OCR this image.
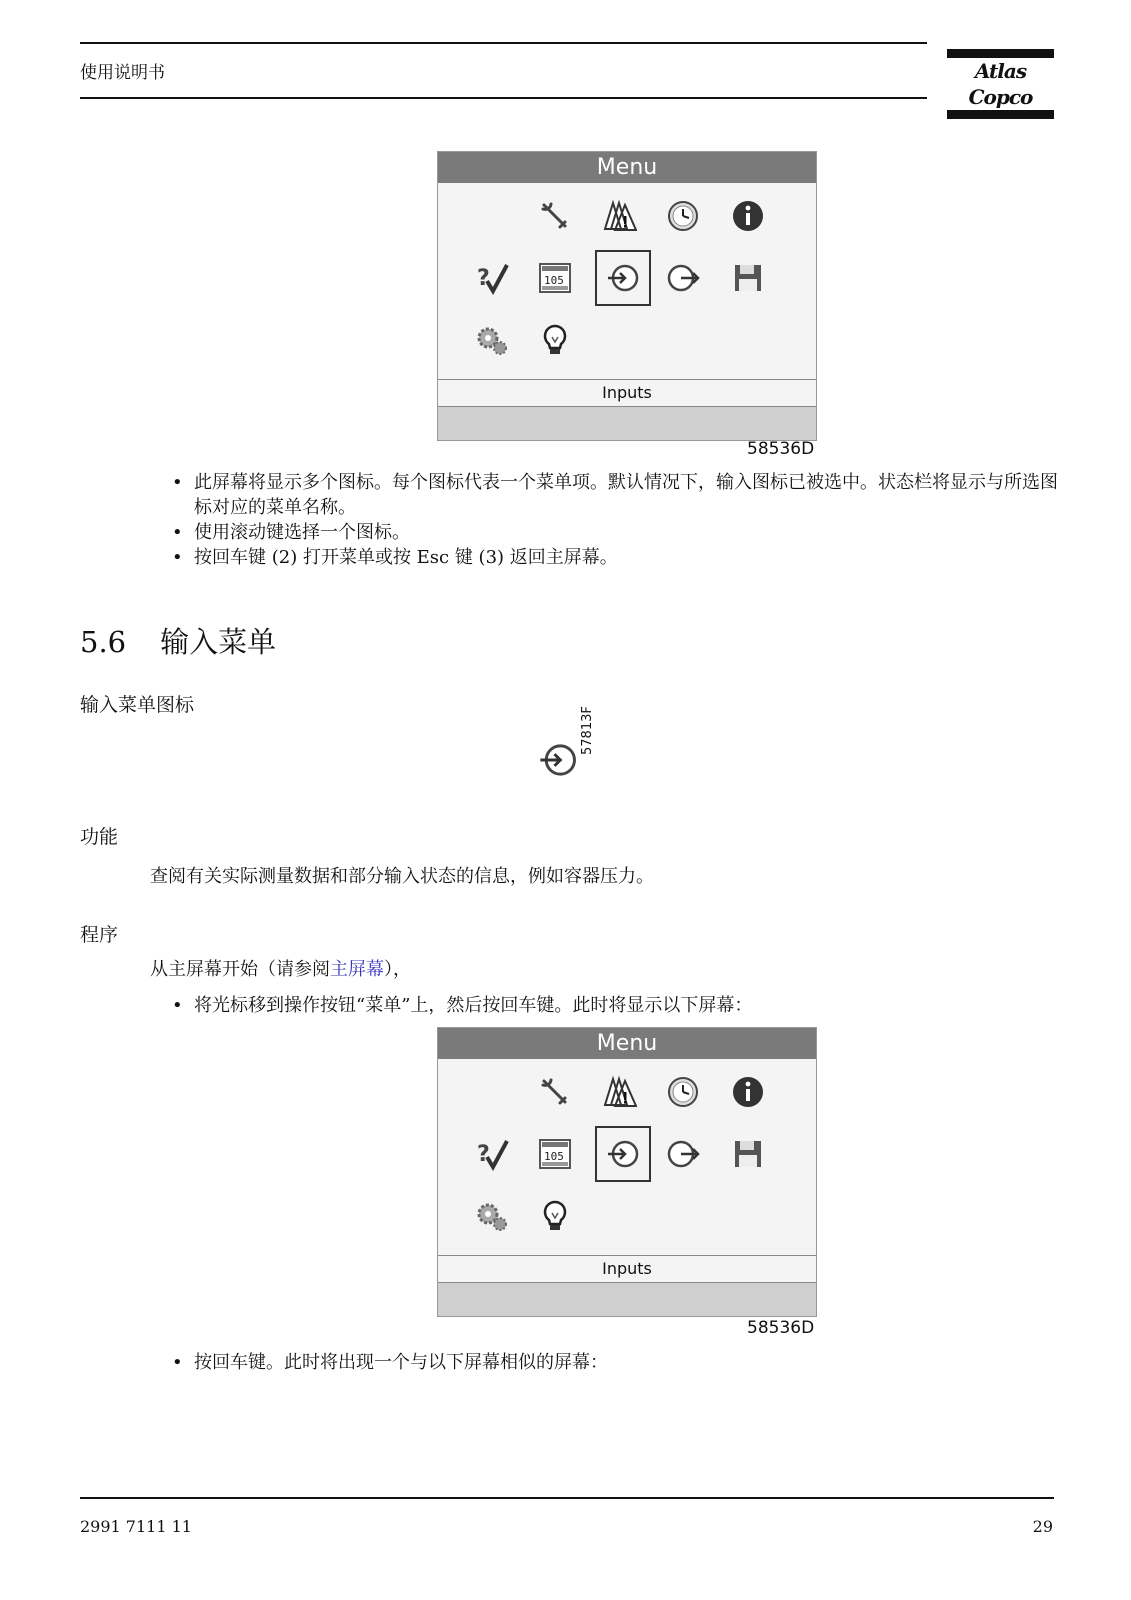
使用说明书	Atlas Copco
Menu
Inputs
58536D
• 此屏幕将显示多个图标。每个图标代表一个菜单项。默认情况下，输入图标已被选中。状态栏将显示与所选图标对应的菜单名称。
• 使用滚动键选择一个图标。
• 按回车键 (2) 打开菜单或按 Esc 键 (3) 返回主屏幕。
5.6 输入菜单
输入菜单图标
57813F
功能
查阅有关实际测量数据和部分输入状态的信息，例如容器压力。
程序
从主屏幕开始（请参阅主屏幕），
• 将光标移到操作按钮“菜单”上，然后按回车键。此时将显示以下屏幕：
Menu
Inputs
58536D
• 按回车键。此时将出现一个与以下屏幕相似的屏幕：
2991 7111 11	29
